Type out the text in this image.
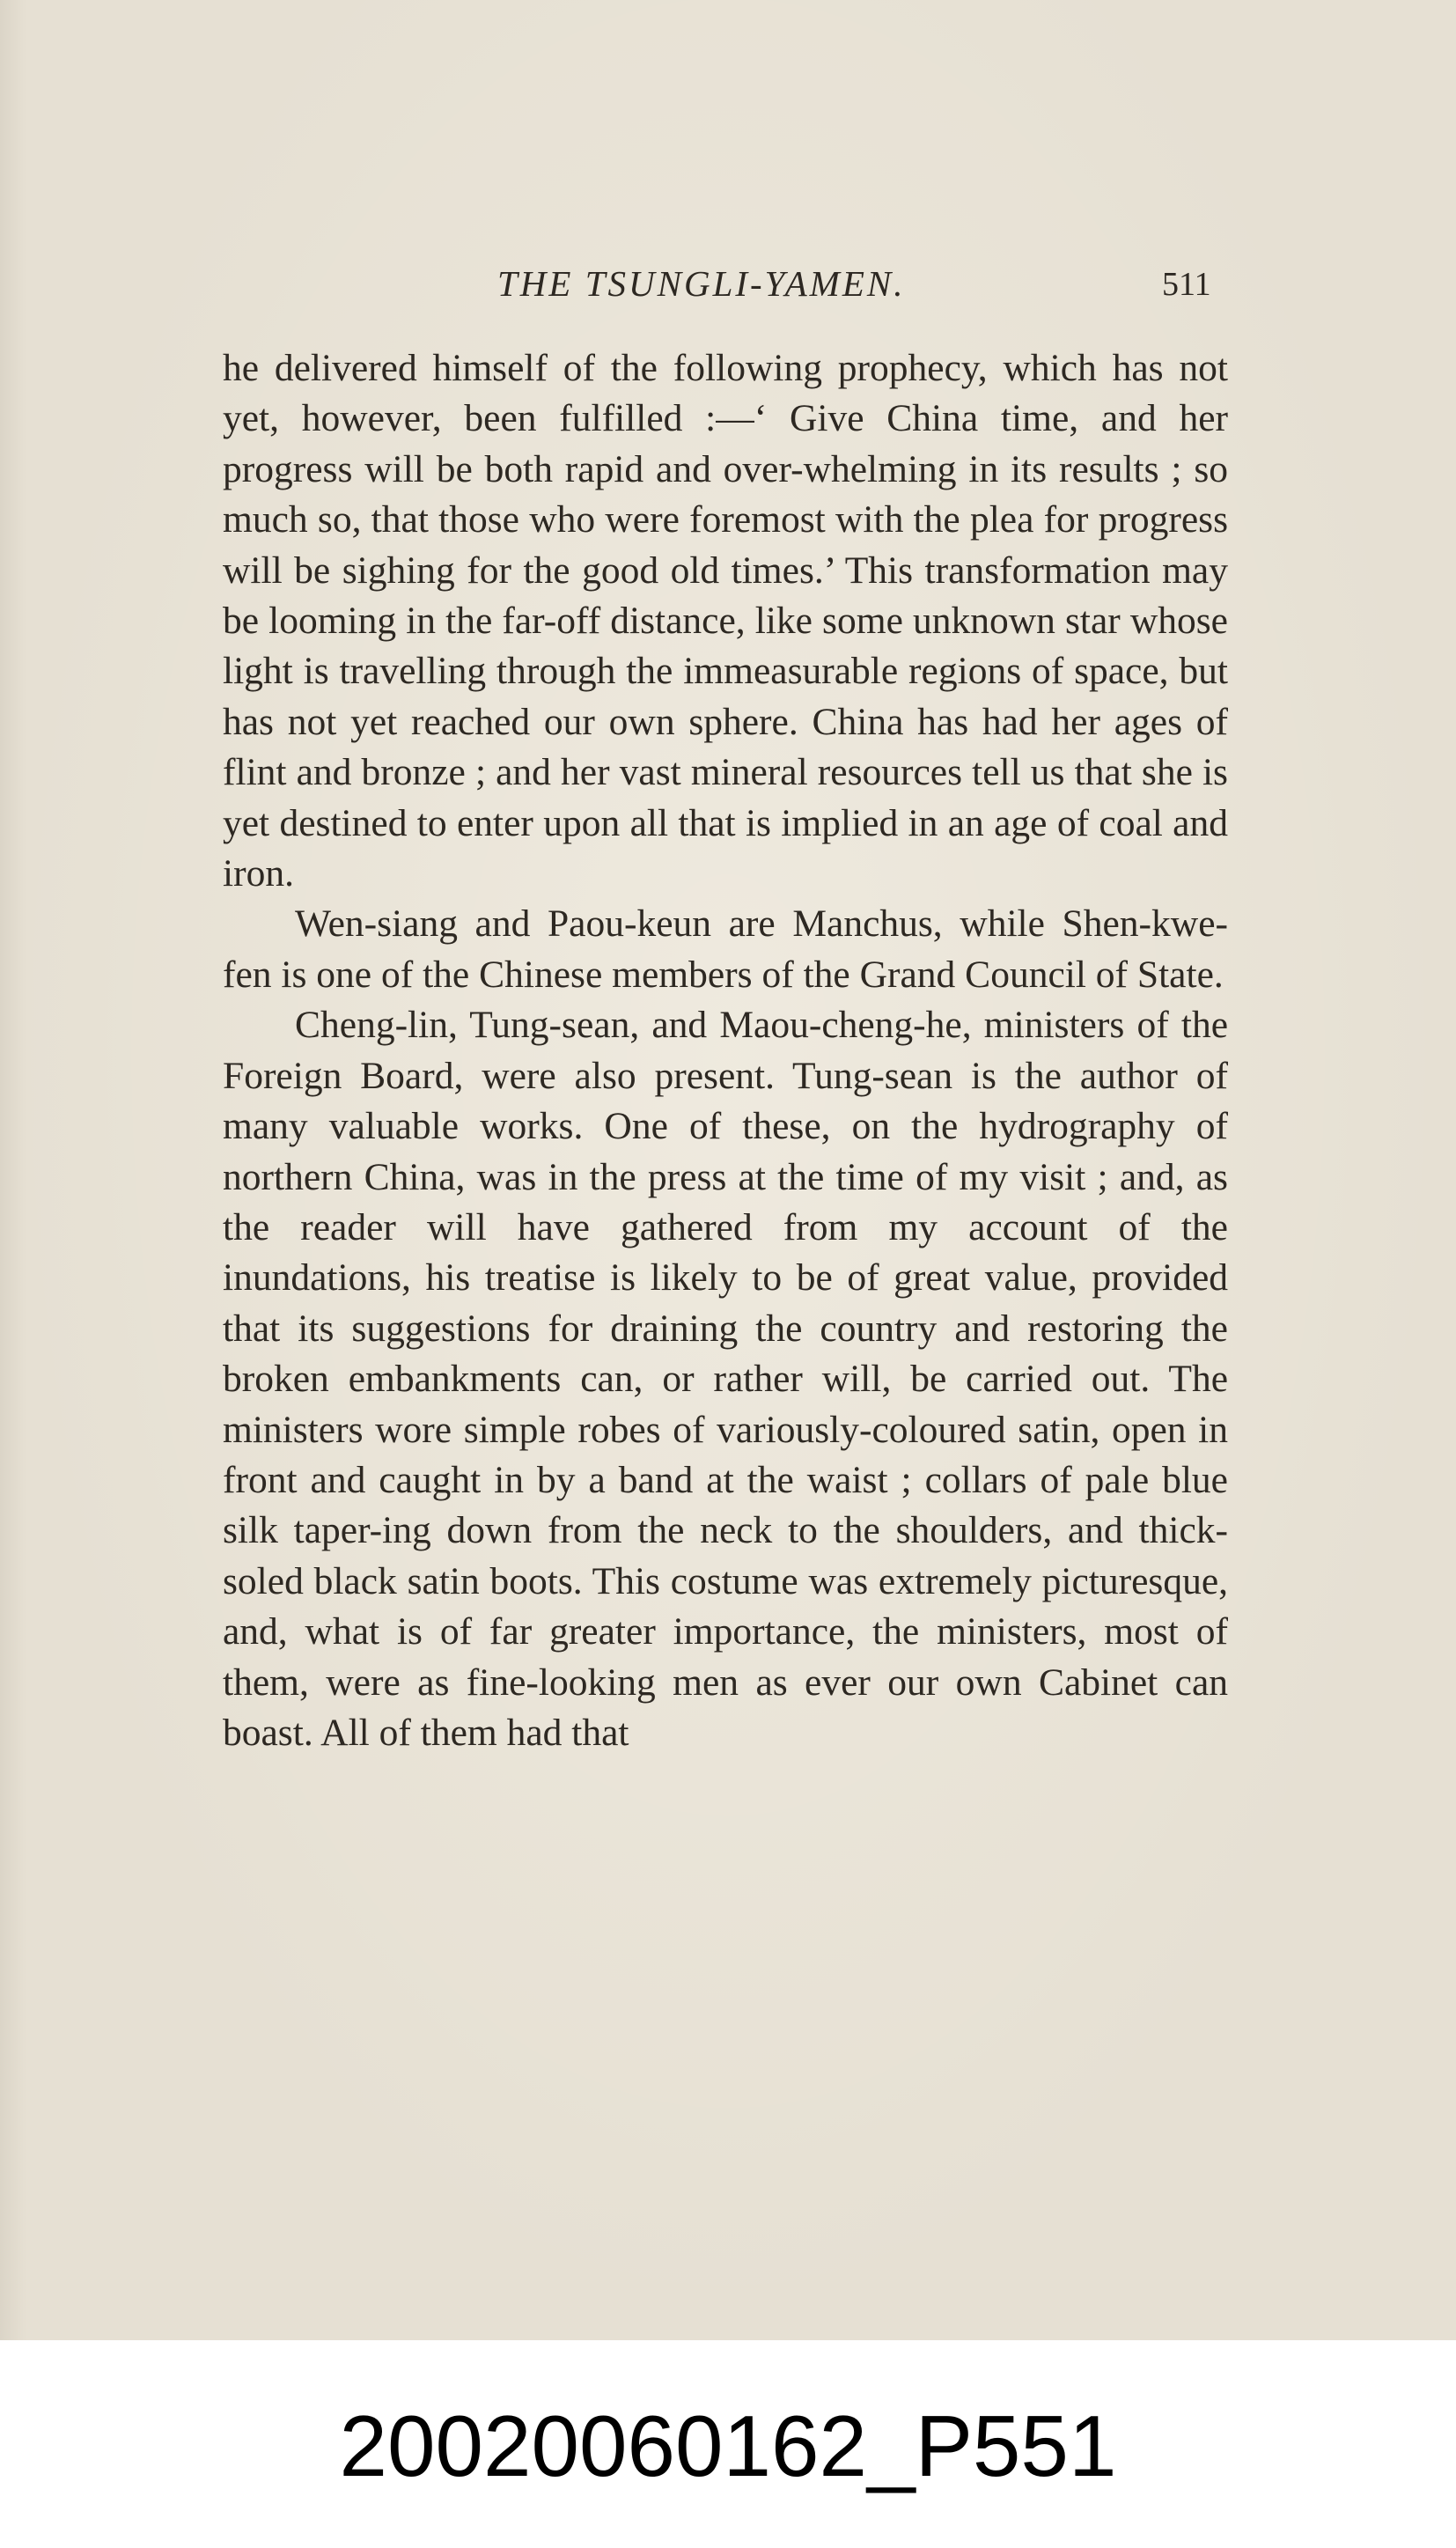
THE TSUNGLI-YAMEN.	511

he delivered himself of the following prophecy, which has not yet, however, been fulfilled :—‘ Give China time, and her progress will be both rapid and over-whelming in its results ; so much so, that those who were foremost with the plea for progress will be sighing for the good old times.’ This transformation may be looming in the far-off distance, like some unknown star whose light is travelling through the immeasurable regions of space, but has not yet reached our own sphere. China has had her ages of flint and bronze ; and her vast mineral resources tell us that she is yet destined to enter upon all that is implied in an age of coal and iron.

Wen-siang and Paou-keun are Manchus, while Shen-kwe-fen is one of the Chinese members of the Grand Council of State.

Cheng-lin, Tung-sean, and Maou-cheng-he, ministers of the Foreign Board, were also present. Tung-sean is the author of many valuable works. One of these, on the hydrography of northern China, was in the press at the time of my visit ; and, as the reader will have gathered from my account of the inundations, his treatise is likely to be of great value, provided that its suggestions for draining the country and restoring the broken embankments can, or rather will, be carried out. The ministers wore simple robes of variously-coloured satin, open in front and caught in by a band at the waist ; collars of pale blue silk taper-ing down from the neck to the shoulders, and thick-soled black satin boots. This costume was extremely picturesque, and, what is of far greater importance, the ministers, most of them, were as fine-looking men as ever our own Cabinet can boast. All of them had that

20020060162_P551
